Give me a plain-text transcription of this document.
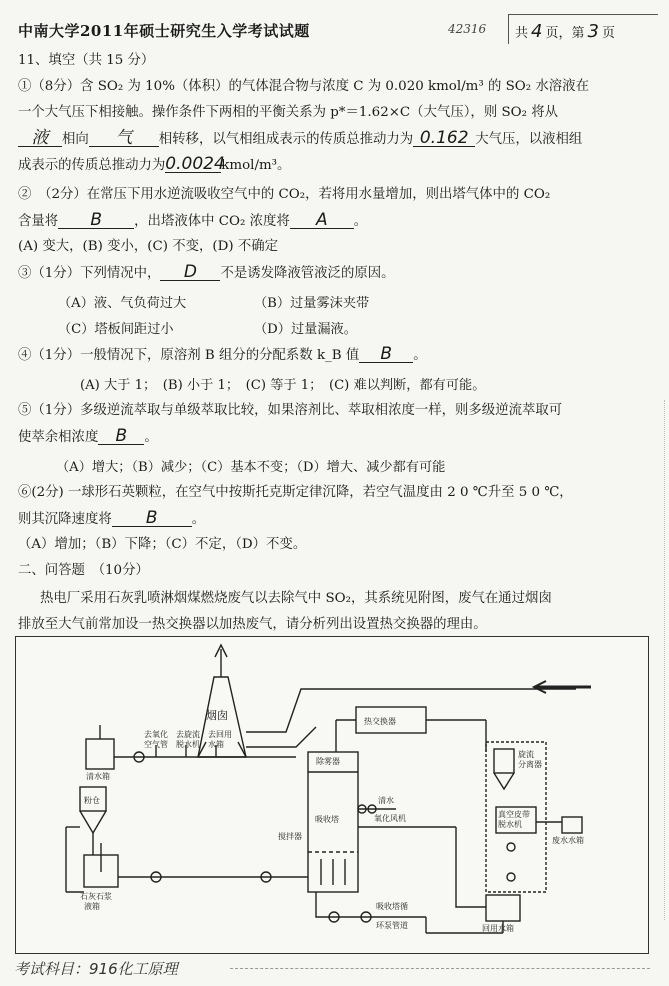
中南大学2011年硕士研究生入学考试试题	42316	共 4 页，第 3 页
11、填空（共 15 分）
①（8分）含 SO₂ 为 10%（体积）的气体混合物与浓度 C 为 0.020 kmol/m³ 的 SO₂ 水溶液在
一个大气压下相接触。操作条件下两相的平衡关系为 p*＝1.62×C（大气压），则 SO₂ 将从
液 相向 气 相转移，以气相组成表示的传质总推动力为 0.162 大气压，以液相组
成表示的传质总推动力为0.0024kmol/m³。
②　（2分）在常压下用水逆流吸收空气中的 CO₂，若将用水量增加，则出塔气体中的 CO₂
含量将 B ，出塔液体中 CO₂ 浓度将 A 。
(A) 变大，(B) 变小，(C) 不变，(D) 不确定
③（1分）下列情况中， D 不是诱发降液管液泛的原因。
（A）液、气负荷过大	（B）过量雾沫夹带
（C）塔板间距过小	（D）过量漏液。
④（1分）一般情况下，原溶剂 B 组分的分配系数 k_B 值 B 。
(A) 大于 1；　(B) 小于 1；　(C) 等于 1；　(C) 难以判断，都有可能。
⑤（1分）多级逆流萃取与单级萃取比较，如果溶剂比、萃取相浓度一样，则多级逆流萃取可
使萃余相浓度 B 。
（A）增大；（B）减少；（C）基本不变；（D）增大、减少都有可能
⑥(2分) 一球形石英颗粒，在空气中按斯托克斯定律沉降，若空气温度由 2 0 ℃升至 5 0 ℃，
则其沉降速度将 B	。
（A）增加；（B）下降；（C）不定，（D）不变。
二、问答题　（10分）
热电厂采用石灰乳喷淋烟煤燃烧废气以去除气中 SO₂，其系统见附图，废气在通过烟囱
排放至大气前常加设一热交换器以加热废气，请分析列出设置热交换器的理由。
烟囱	热交换器
除雾器
吸收塔
清水箱
去氧化
空气管
去旋流
脱水机
去回用
水箱
粉仓
石灰石浆
液箱
清水
氧化风机
搅拌器
吸收塔循
环泵管道
旋流
分离器
真空皮带
脱水机
废水水箱
回用水箱
考试科目：916化工原理
